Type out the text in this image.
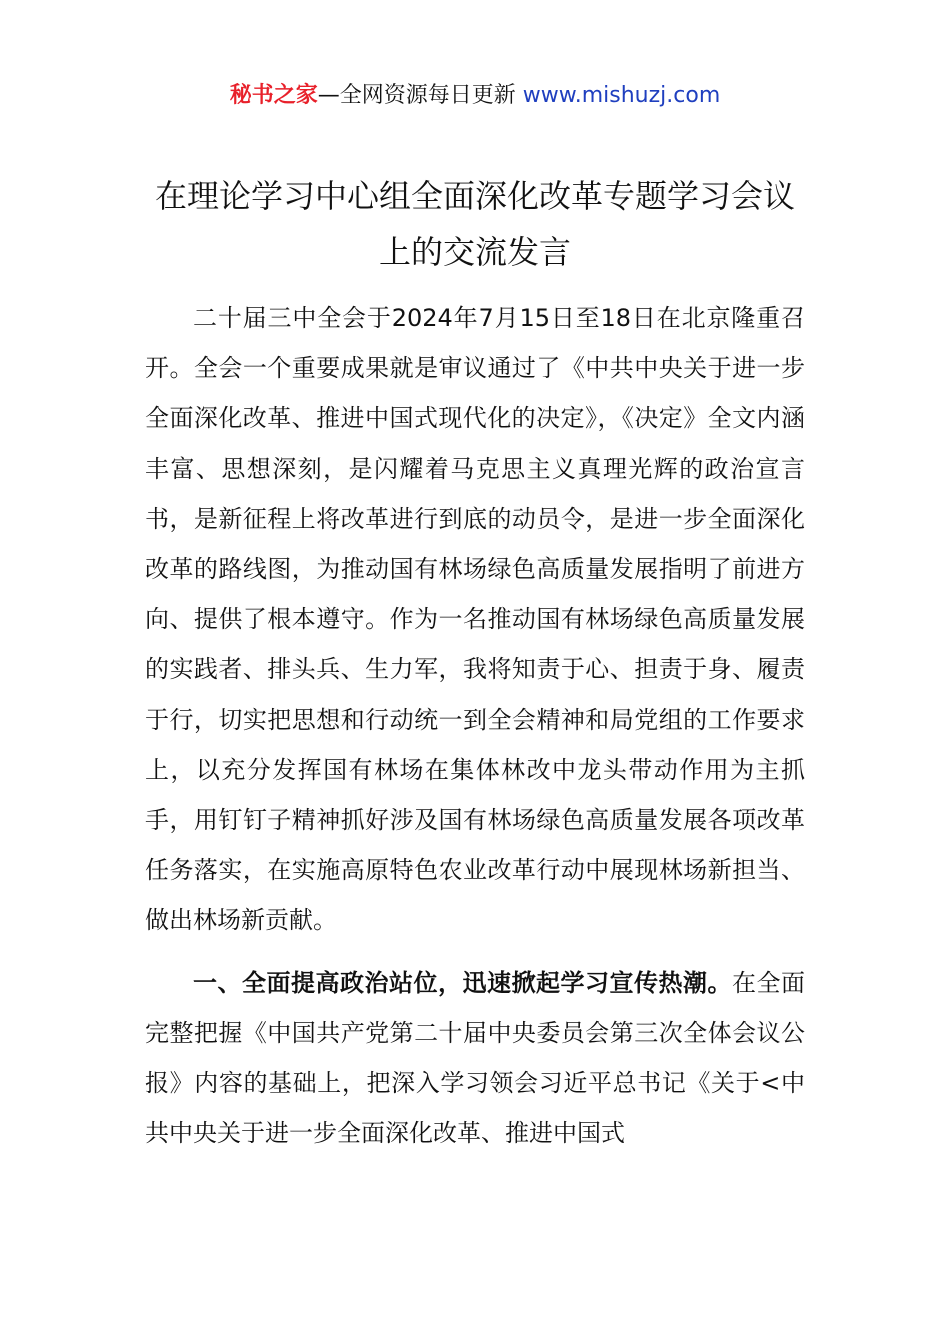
秘书之家—全网资源每日更新 www.mishuzj.com
在理论学习中心组全面深化改革专题学习会议上的交流发言

二十届三中全会于2024年7月15日至18日在北京隆重召开。全会一个重要成果就是审议通过了《中共中央关于进一步全面深化改革、推进中国式现代化的决定》，《决定》全文内涵丰富、思想深刻，是闪耀着马克思主义真理光辉的政治宣言书，是新征程上将改革进行到底的动员令，是进一步全面深化改革的路线图，为推动国有林场绿色高质量发展指明了前进方向、提供了根本遵守。作为一名推动国有林场绿色高质量发展的实践者、排头兵、生力军，我将知责于心、担责于身、履责于行，切实把思想和行动统一到全会精神和局党组的工作要求上，以充分发挥国有林场在集体林改中龙头带动作用为主抓手，用钉钉子精神抓好涉及国有林场绿色高质量发展各项改革任务落实，在实施高原特色农业改革行动中展现林场新担当、做出林场新贡献。

一、全面提高政治站位，迅速掀起学习宣传热潮。在全面完整把握《中国共产党第二十届中央委员会第三次全体会议公报》内容的基础上，把深入学习领会习近平总书记《关于<中共中央关于进一步全面深化改革、推进中国式
